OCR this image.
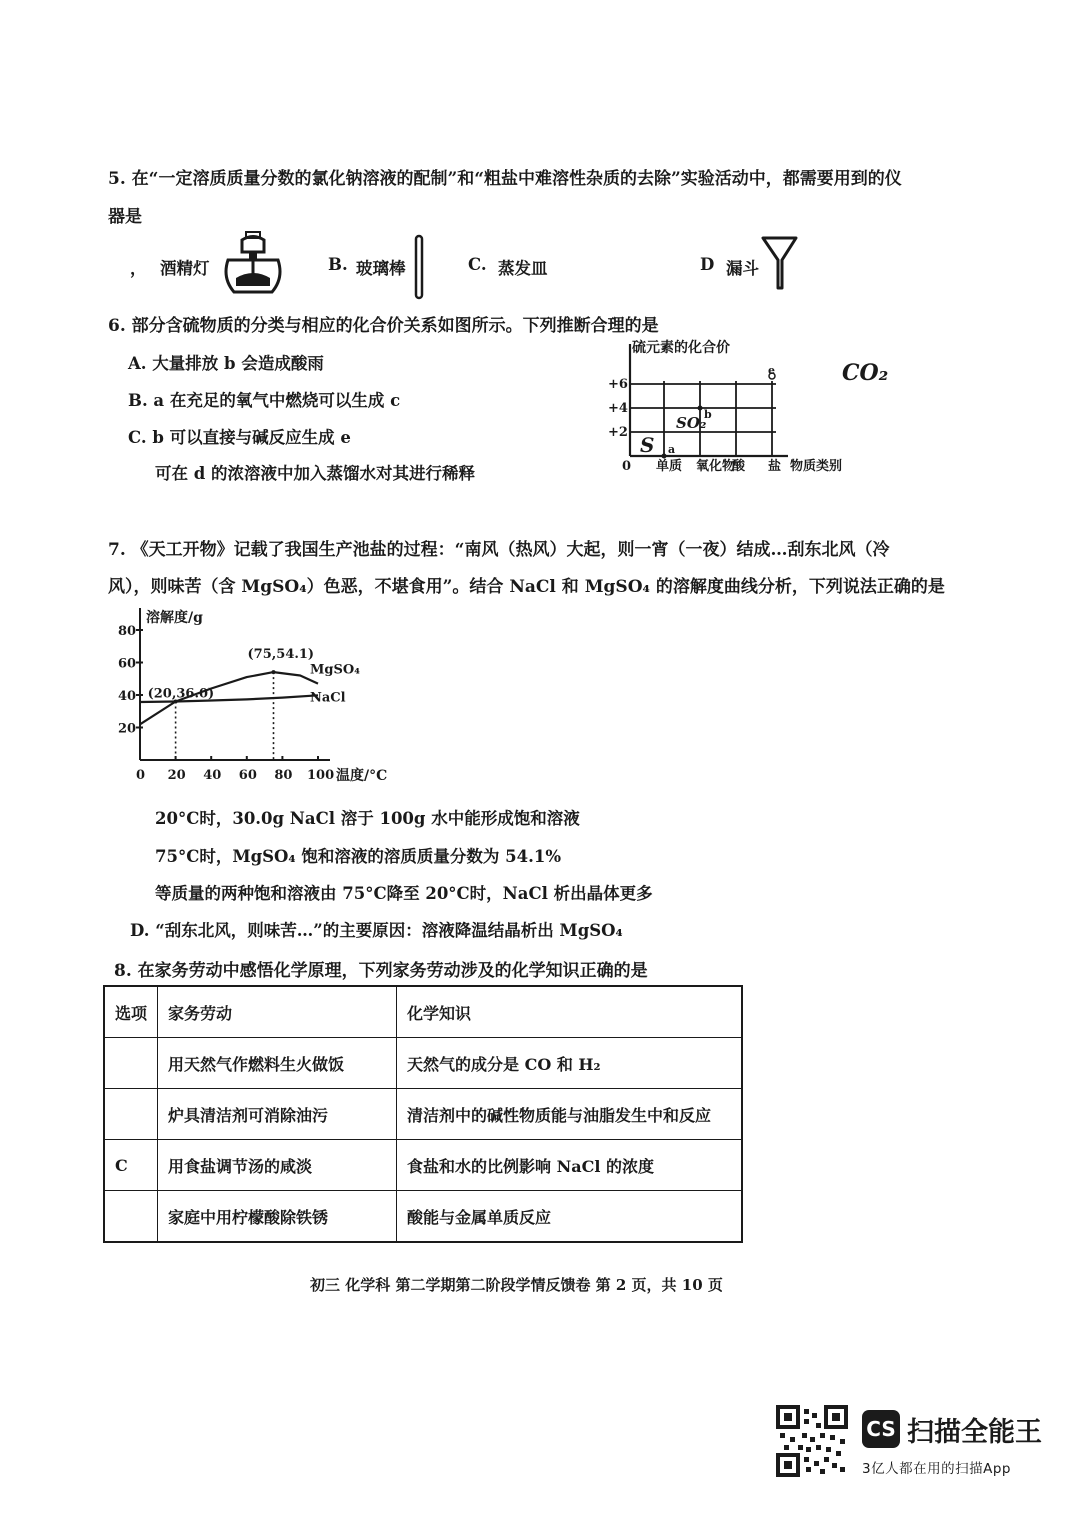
5. 在“一定溶质质量分数的氯化钠溶液的配制”和“粗盐中难溶性杂质的去除”实验活动中，都需要用到的仪
器是
， 酒精灯	B. 玻璃棒	C. 蒸发皿	D 漏斗
6. 部分含硫物质的分类与相应的化合价关系如图所示。下列推断合理的是
A. 大量排放 b 会造成酸雨
B. a 在充足的氧气中燃烧可以生成 c
C. b 可以直接与碱反应生成 e
可在 d 的浓溶液中加入蒸馏水对其进行稀释
硫元素的化合价
+6
+4
+2
0 单质 氧化物
酸 盐 物质类别
a
b
e
S
SO₂
CO₂
7. 《天工开物》记载了我国生产池盐的过程：“南风（热风）大起，则一宵（一夜）结成…刮东北风（冷
风），则味苦（含 MgSO₄）色恶，不堪食用”。结合 NaCl 和 MgSO₄ 的溶解度曲线分析，下列说法正确的是
溶解度/g
温度/°C
20
40
60
80
0 20 40 60 80 100
(20,36.0)
(75,54.1)
MgSO₄
NaCl
20°C时，30.0g NaCl 溶于 100g 水中能形成饱和溶液
75°C时，MgSO₄ 饱和溶液的溶质质量分数为 54.1%
等质量的两种饱和溶液由 75°C降至 20°C时，NaCl 析出晶体更多
D. “刮东北风，则味苦…”的主要原因：溶液降温结晶析出 MgSO₄
8. 在家务劳动中感悟化学原理，下列家务劳动涉及的化学知识正确的是
选项	家务劳动	化学知识
	用天然气作燃料生火做饭	天然气的成分是 CO 和 H₂
	炉具清洁剂可消除油污	清洁剂中的碱性物质能与油脂发生中和反应
C	用食盐调节汤的咸淡	食盐和水的比例影响 NaCl 的浓度
	家庭中用柠檬酸除铁锈	酸能与金属单质反应
初三 化学科 第二学期第二阶段学情反馈卷 第 2 页，共 10 页
CS 扫描全能王
3亿人都在用的扫描App
